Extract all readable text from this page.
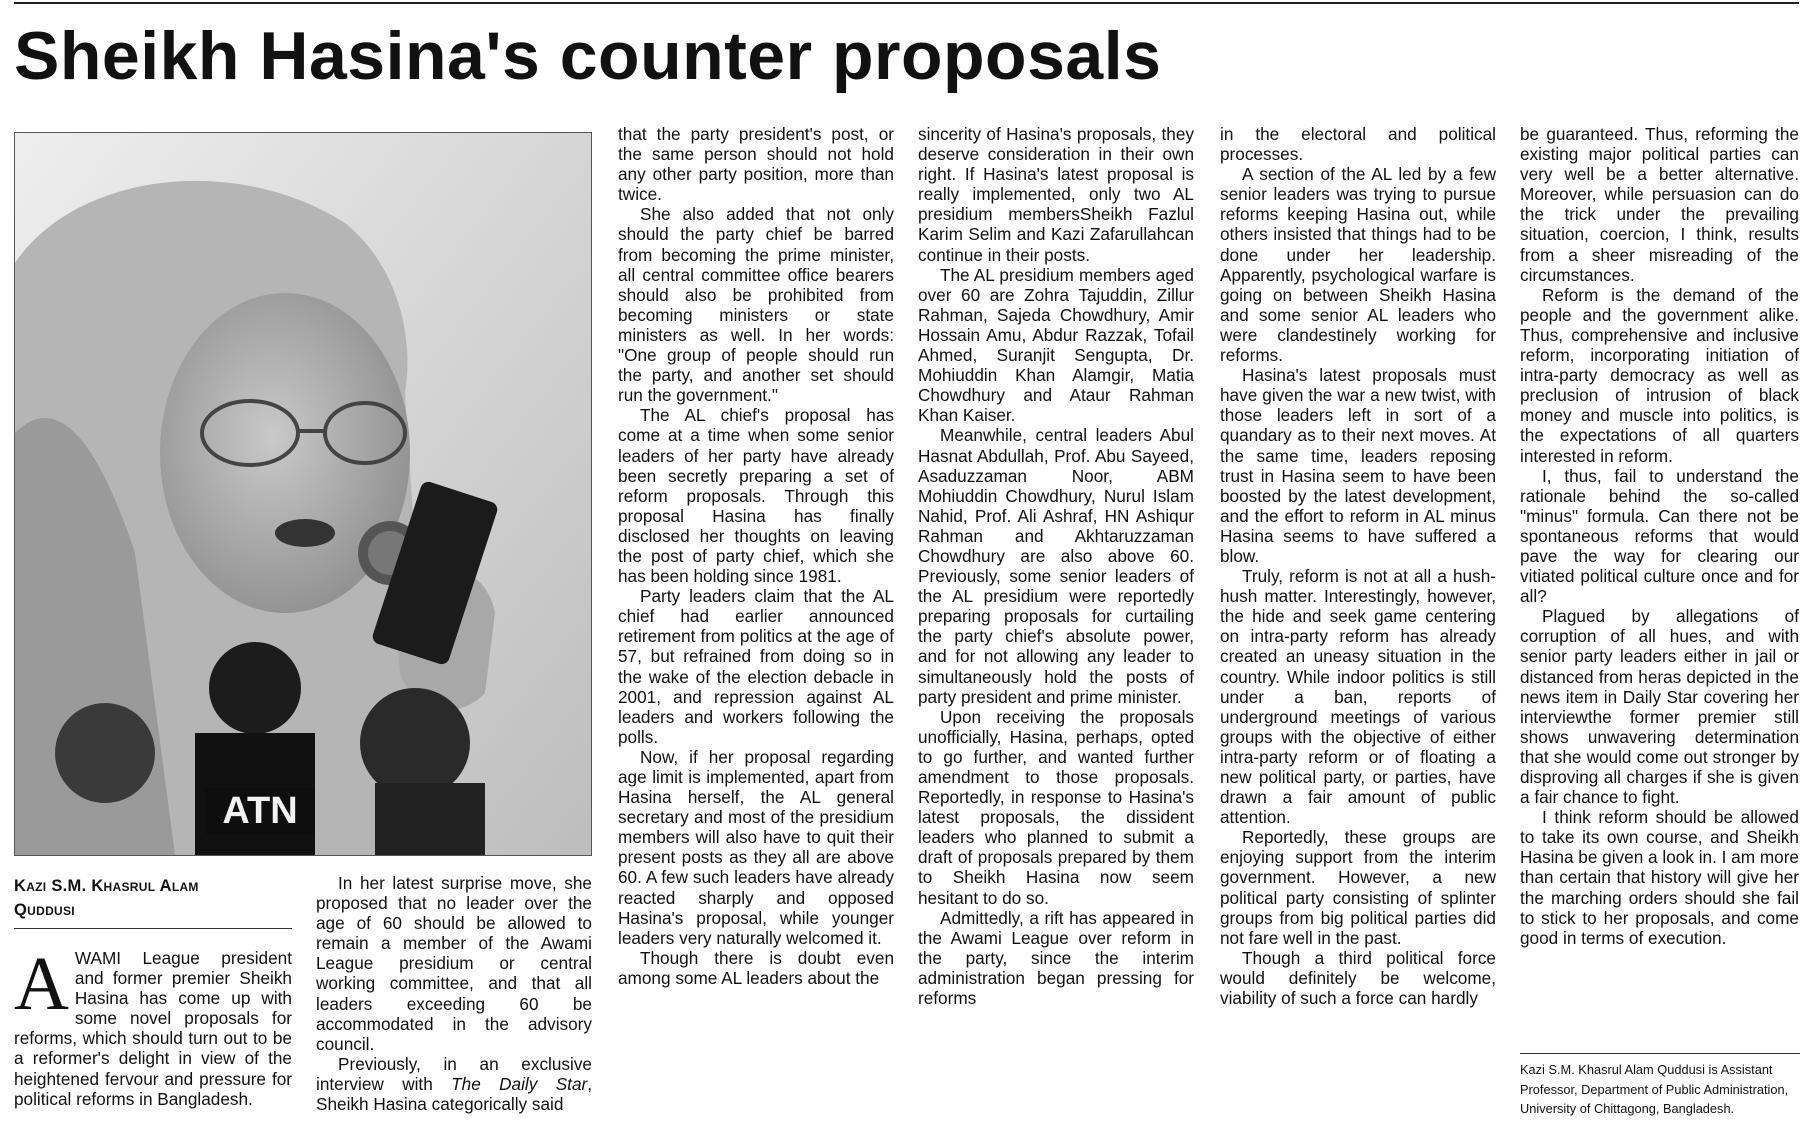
Sheikh Hasina's counter proposals
ATN
Kazi S.M. Khasrul Alam
Quddusi

AWAMI League president and former premier Sheikh Hasina has come up with some novel proposals for reforms, which should turn out to be a reformer's delight in view of the heightened fervour and pressure for political reforms in Bangladesh.

In her latest surprise move, she proposed that no leader over the age of 60 should be allowed to remain a member of the Awami League presidium or central working committee, and that all leaders exceeding 60 be accommodated in the advisory council.

Previously, in an exclusive interview with The Daily Star, Sheikh Hasina categorically said

that the party president's post, or the same person should not hold any other party position, more than twice.

She also added that not only should the party chief be barred from becoming the prime minister, all central committee office bearers should also be prohibited from becoming ministers or state ministers as well. In her words: "One group of people should run the party, and another set should run the government."

The AL chief's proposal has come at a time when some senior leaders of her party have already been secretly preparing a set of reform proposals. Through this proposal Hasina has finally disclosed her thoughts on leaving the post of party chief, which she has been holding since 1981.

Party leaders claim that the AL chief had earlier announced retirement from politics at the age of 57, but refrained from doing so in the wake of the election debacle in 2001, and repression against AL leaders and workers following the polls.

Now, if her proposal regarding age limit is implemented, apart from Hasina herself, the AL general secretary and most of the presidium members will also have to quit their present posts as they all are above 60. A few such leaders have already reacted sharply and opposed Hasina's proposal, while younger leaders very naturally welcomed it.

Though there is doubt even among some AL leaders about the

sincerity of Hasina's proposals, they deserve consideration in their own right. If Hasina's latest proposal is really implemented, only two AL presidium membersSheikh Fazlul Karim Selim and Kazi Zafarullahcan continue in their posts.

The AL presidium members aged over 60 are Zohra Tajuddin, Zillur Rahman, Sajeda Chowdhury, Amir Hossain Amu, Abdur Razzak, Tofail Ahmed, Suranjit Sengupta, Dr. Mohiuddin Khan Alamgir, Matia Chowdhury and Ataur Rahman Khan Kaiser.

Meanwhile, central leaders Abul Hasnat Abdullah, Prof. Abu Sayeed, Asaduzzaman Noor, ABM Mohiuddin Chowdhury, Nurul Islam Nahid, Prof. Ali Ashraf, HN Ashiqur Rahman and Akhtaruzzaman Chowdhury are also above 60. Previously, some senior leaders of the AL presidium were reportedly preparing proposals for curtailing the party chief's absolute power, and for not allowing any leader to simultaneously hold the posts of party president and prime minister.

Upon receiving the proposals unofficially, Hasina, perhaps, opted to go further, and wanted further amendment to those proposals. Reportedly, in response to Hasina's latest proposals, the dissident leaders who planned to submit a draft of proposals prepared by them to Sheikh Hasina now seem hesitant to do so.

Admittedly, a rift has appeared in the Awami League over reform in the party, since the interim administration began pressing for reforms

in the electoral and political processes.

A section of the AL led by a few senior leaders was trying to pursue reforms keeping Hasina out, while others insisted that things had to be done under her leadership. Apparently, psychological warfare is going on between Sheikh Hasina and some senior AL leaders who were clandestinely working for reforms.

Hasina's latest proposals must have given the war a new twist, with those leaders left in sort of a quandary as to their next moves. At the same time, leaders reposing trust in Hasina seem to have been boosted by the latest development, and the effort to reform in AL minus Hasina seems to have suffered a blow.

Truly, reform is not at all a hush-hush matter. Interestingly, however, the hide and seek game centering on intra-party reform has already created an uneasy situation in the country. While indoor politics is still under a ban, reports of underground meetings of various groups with the objective of either intra-party reform or of floating a new political party, or parties, have drawn a fair amount of public attention.

Reportedly, these groups are enjoying support from the interim government. However, a new political party consisting of splinter groups from big political parties did not fare well in the past.

Though a third political force would definitely be welcome, viability of such a force can hardly

be guaranteed. Thus, reforming the existing major political parties can very well be a better alternative. Moreover, while persuasion can do the trick under the prevailing situation, coercion, I think, results from a sheer misreading of the circumstances.

Reform is the demand of the people and the government alike. Thus, comprehensive and inclusive reform, incorporating initiation of intra-party democracy as well as preclusion of intrusion of black money and muscle into politics, is the expectations of all quarters interested in reform.

I, thus, fail to understand the rationale behind the so-called "minus" formula. Can there not be spontaneous reforms that would pave the way for clearing our vitiated political culture once and for all?

Plagued by allegations of corruption of all hues, and with senior party leaders either in jail or distanced from heras depicted in the news item in Daily Star covering her interviewthe former premier still shows unwavering determination that she would come out stronger by disproving all charges if she is given a fair chance to fight.

I think reform should be allowed to take its own course, and Sheikh Hasina be given a look in. I am more than certain that history will give her the marching orders should she fail to stick to her proposals, and come good in terms of execution.

Kazi S.M. Khasrul Alam Quddusi is Assistant Professor, Department of Public Administration, University of Chittagong, Bangladesh.
